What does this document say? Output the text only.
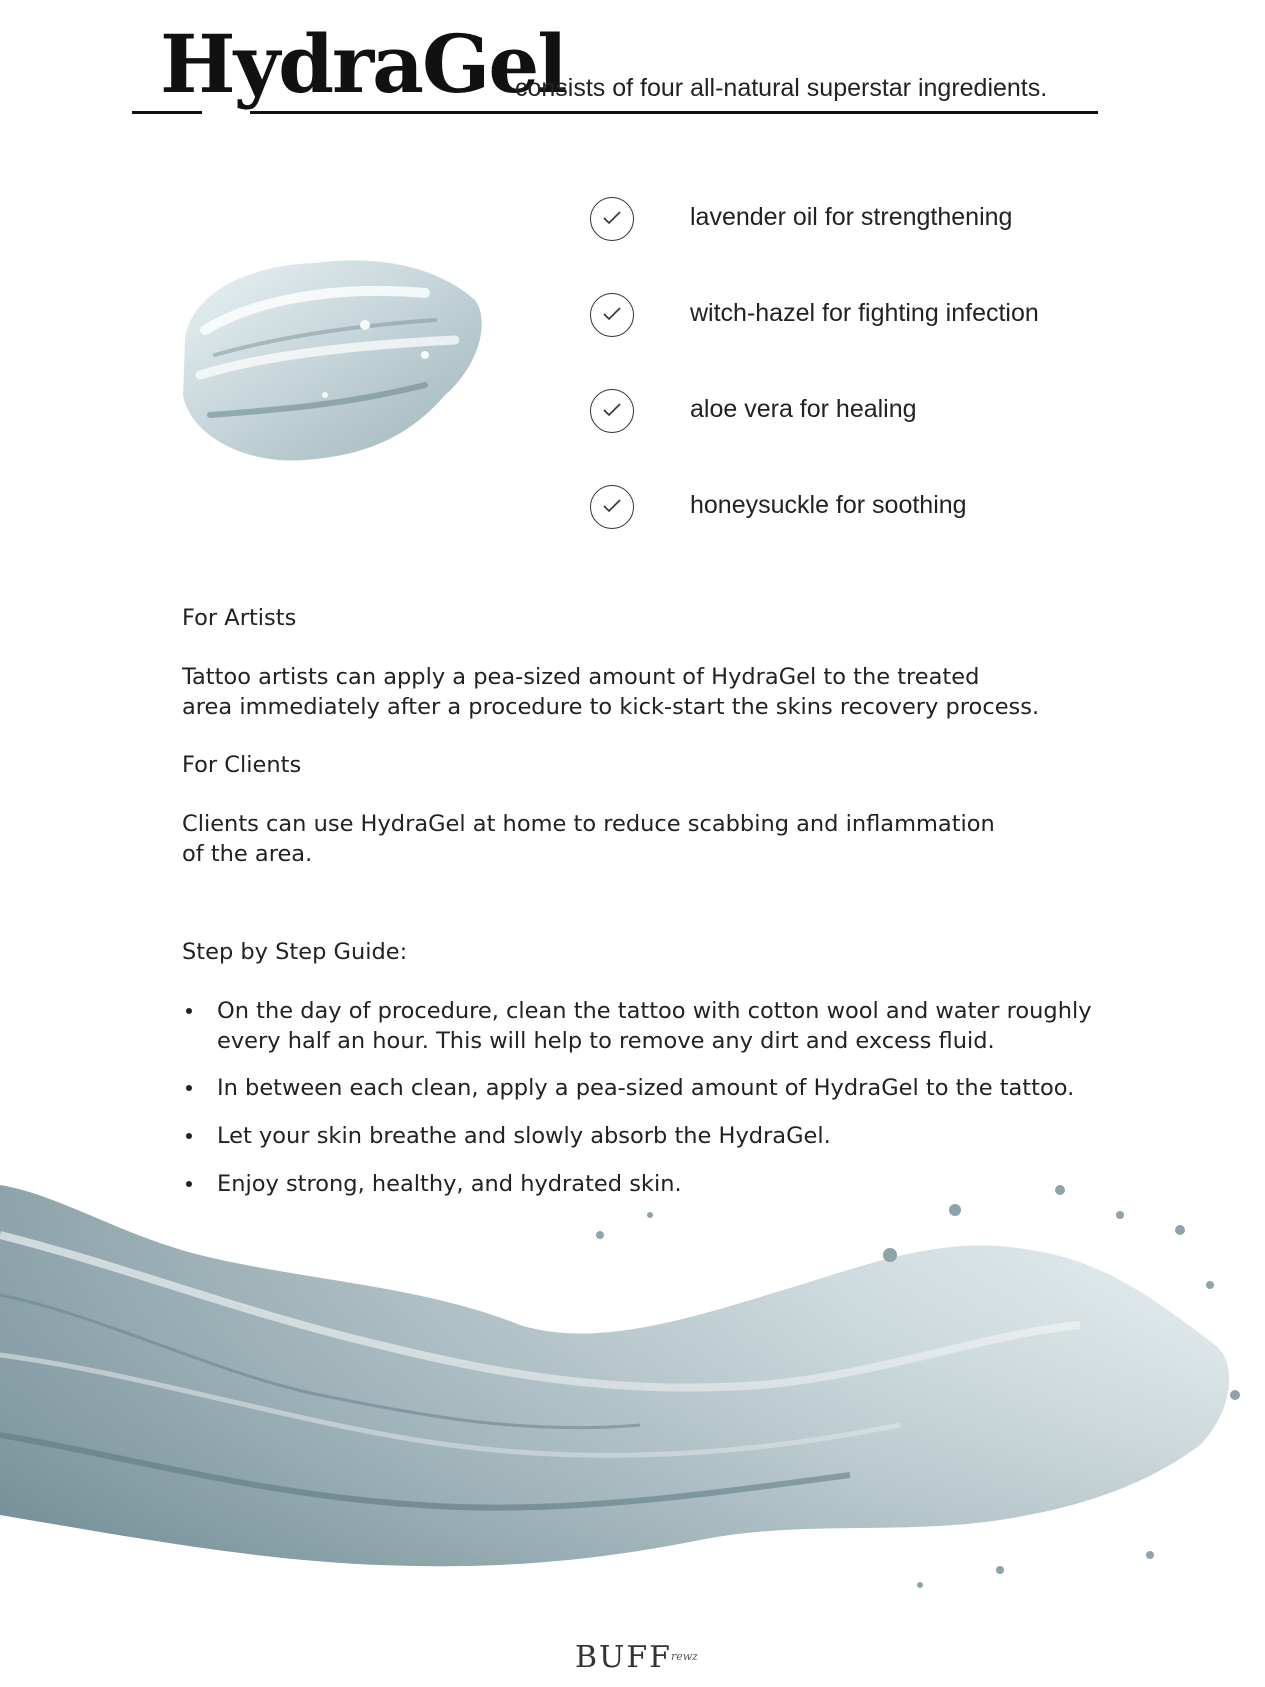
HydraGel
consists of four all-natural superstar ingredients.
lavender oil for strengthening
witch-hazel for fighting infection
aloe vera for healing
honeysuckle for soothing
For Artists
Tattoo artists can apply a pea-sized amount of HydraGel to the treated
area immediately after a procedure to kick-start the skins recovery process.
For Clients
Clients can use HydraGel at home to reduce scabbing and inflammation
of the area.
Step by Step Guide:
On the day of procedure, clean the tattoo with cotton wool and water roughly
every half an hour. This will help to remove any dirt and excess fluid.
In between each clean, apply a pea-sized amount of HydraGel to the tattoo.
Let your skin breathe and slowly absorb the HydraGel.
Enjoy strong, healthy, and hydrated skin.
BUFF rewz
